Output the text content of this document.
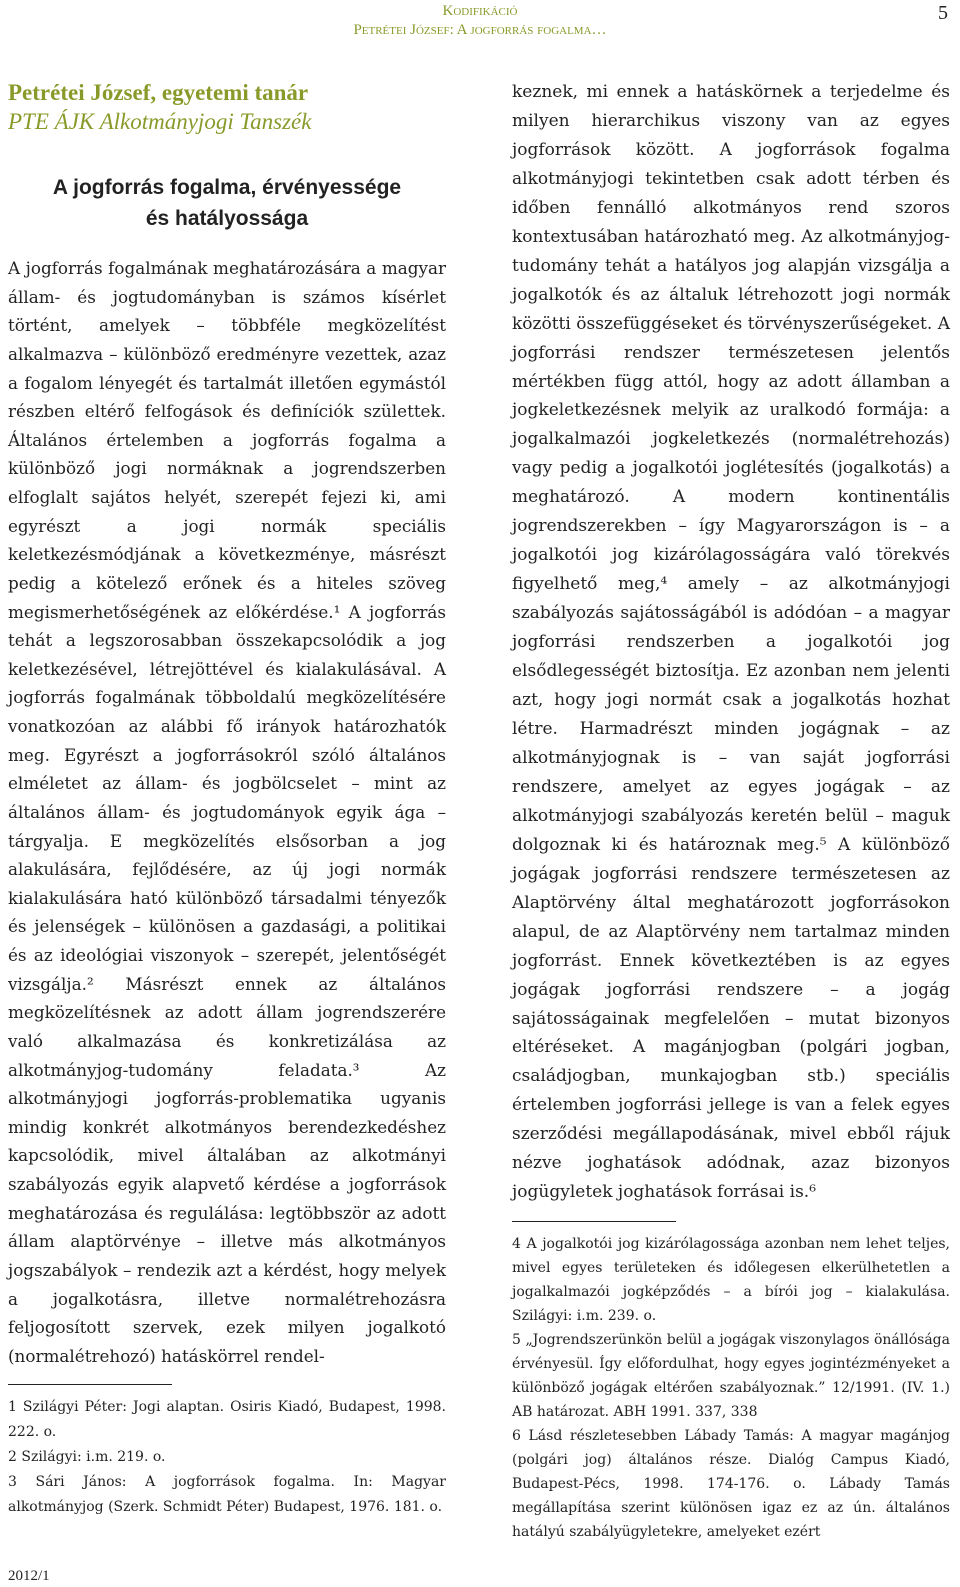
Kodifikáció
Petrétei József: A jogforrás fogalma…
5

Petrétei József, egyetemi tanár

PTE ÁJK Alkotmányjogi Tanszék

A jogforrás fogalma, érvényessége
és hatályossága

A jogforrás fogalmának meghatározására a magyar állam- és jogtudományban is számos kísérlet történt, amelyek – többféle megközelítést alkalmazva – különböző eredményre vezettek, azaz a fogalom lényegét és tartalmát illetően egymástól részben eltérő felfogások és definíciók születtek. Általános értelemben a jogforrás fogalma a különböző jogi normáknak a jogrendszerben elfoglalt sajátos helyét, szerepét fejezi ki, ami egyrészt a jogi normák speciális keletkezésmódjának a következménye, másrészt pedig a kötelező erőnek és a hiteles szöveg megismerhetőségének az előkérdése.¹ A jogforrás tehát a legszorosabban összekapcsolódik a jog keletkezésével, létrejöttével és kialakulásával. A jogforrás fogalmának többoldalú megközelítésére vonatkozóan az alábbi fő irányok határozhatók meg. Egyrészt a jogforrásokról szóló általános elméletet az állam- és jogbölcselet – mint az általános állam- és jogtudományok egyik ága – tárgyalja. E megközelítés elsősorban a jog alakulására, fejlődésére, az új jogi normák kialakulására ható különböző társadalmi tényezők és jelenségek – különösen a gazdasági, a politikai és az ideológiai viszonyok – szerepét, jelentőségét vizsgálja.² Másrészt ennek az általános megközelítésnek az adott állam jogrendszerére való alkalmazása és konkretizálása az alkotmányjog-tudomány feladata.³ Az alkotmányjogi jogforrás-problematika ugyanis mindig konkrét alkotmányos berendezkedéshez kapcsolódik, mivel általában az alkotmányi szabályozás egyik alapvető kérdése a jogforrások meghatározása és regulálása: legtöbbször az adott állam alaptörvénye – illetve más alkotmányos jogszabályok – rendezik azt a kérdést, hogy melyek a jogalkotásra, illetve normalétrehozásra feljogosított szervek, ezek milyen jogalkotó (normalétrehozó) hatáskörrel rendel-

1 Szilágyi Péter: Jogi alaptan. Osiris Kiadó, Budapest, 1998. 222. o.

2 Szilágyi: i.m. 219. o.

3 Sári János: A jogforrások fogalma. In: Magyar alkotmányjog (Szerk. Schmidt Péter) Budapest, 1976. 181. o.

keznek, mi ennek a hatáskörnek a terjedelme és milyen hierarchikus viszony van az egyes jogforrások között. A jogforrások fogalma alkotmányjogi tekintetben csak adott térben és időben fennálló alkotmányos rend szoros kontextusában határozható meg. Az alkotmányjog-tudomány tehát a hatályos jog alapján vizsgálja a jogalkotók és az általuk létrehozott jogi normák közötti összefüggéseket és törvényszerűségeket. A jogforrási rendszer természetesen jelentős mértékben függ attól, hogy az adott államban a jogkeletkezésnek melyik az uralkodó formája: a jogalkalmazói jogkeletkezés (normalétrehozás) vagy pedig a jogalkotói joglétesítés (jogalkotás) a meghatározó. A modern kontinentális jogrendszerekben – így Magyarországon is – a jogalkotói jog kizárólagosságára való törekvés figyelhető meg,⁴ amely – az alkotmányjogi szabályozás sajátosságából is adódóan – a magyar jogforrási rendszerben a jogalkotói jog elsődlegességét biztosítja. Ez azonban nem jelenti azt, hogy jogi normát csak a jogalkotás hozhat létre. Harmadrészt minden jogágnak – az alkotmányjognak is – van saját jogforrási rendszere, amelyet az egyes jogágak – az alkotmányjogi szabályozás keretén belül – maguk dolgoznak ki és határoznak meg.⁵ A különböző jogágak jogforrási rendszere természetesen az Alaptörvény által meghatározott jogforrásokon alapul, de az Alaptörvény nem tartalmaz minden jogforrást. Ennek következtében is az egyes jogágak jogforrási rendszere – a jogág sajátosságainak megfelelően – mutat bizonyos eltéréseket. A magánjogban (polgári jogban, családjogban, munkajogban stb.) speciális értelemben jogforrási jellege is van a felek egyes szerződési megállapodásának, mivel ebből rájuk nézve joghatások adódnak, azaz bizonyos jogügyletek joghatások forrásai is.⁶

4 A jogalkotói jog kizárólagossága azonban nem lehet teljes, mivel egyes területeken és időlegesen elkerülhetetlen a jogalkalmazói jogképződés – a bírói jog – kialakulása. Szilágyi: i.m. 239. o.

5 „Jogrendszerünkön belül a jogágak viszonylagos önállósága érvényesül. Így előfordulhat, hogy egyes jogintézményeket a különböző jogágak eltérően szabályoznak.” 12/1991. (IV. 1.) AB határozat. ABH 1991. 337, 338

6 Lásd részletesebben Lábady Tamás: A magyar magánjog (polgári jog) általános része. Dialóg Campus Kiadó, Budapest-Pécs, 1998. 174-176. o. Lábady Tamás megállapítása szerint különösen igaz ez az ún. általános hatályú szabályügyletekre, amelyeket ezért

2012/1
